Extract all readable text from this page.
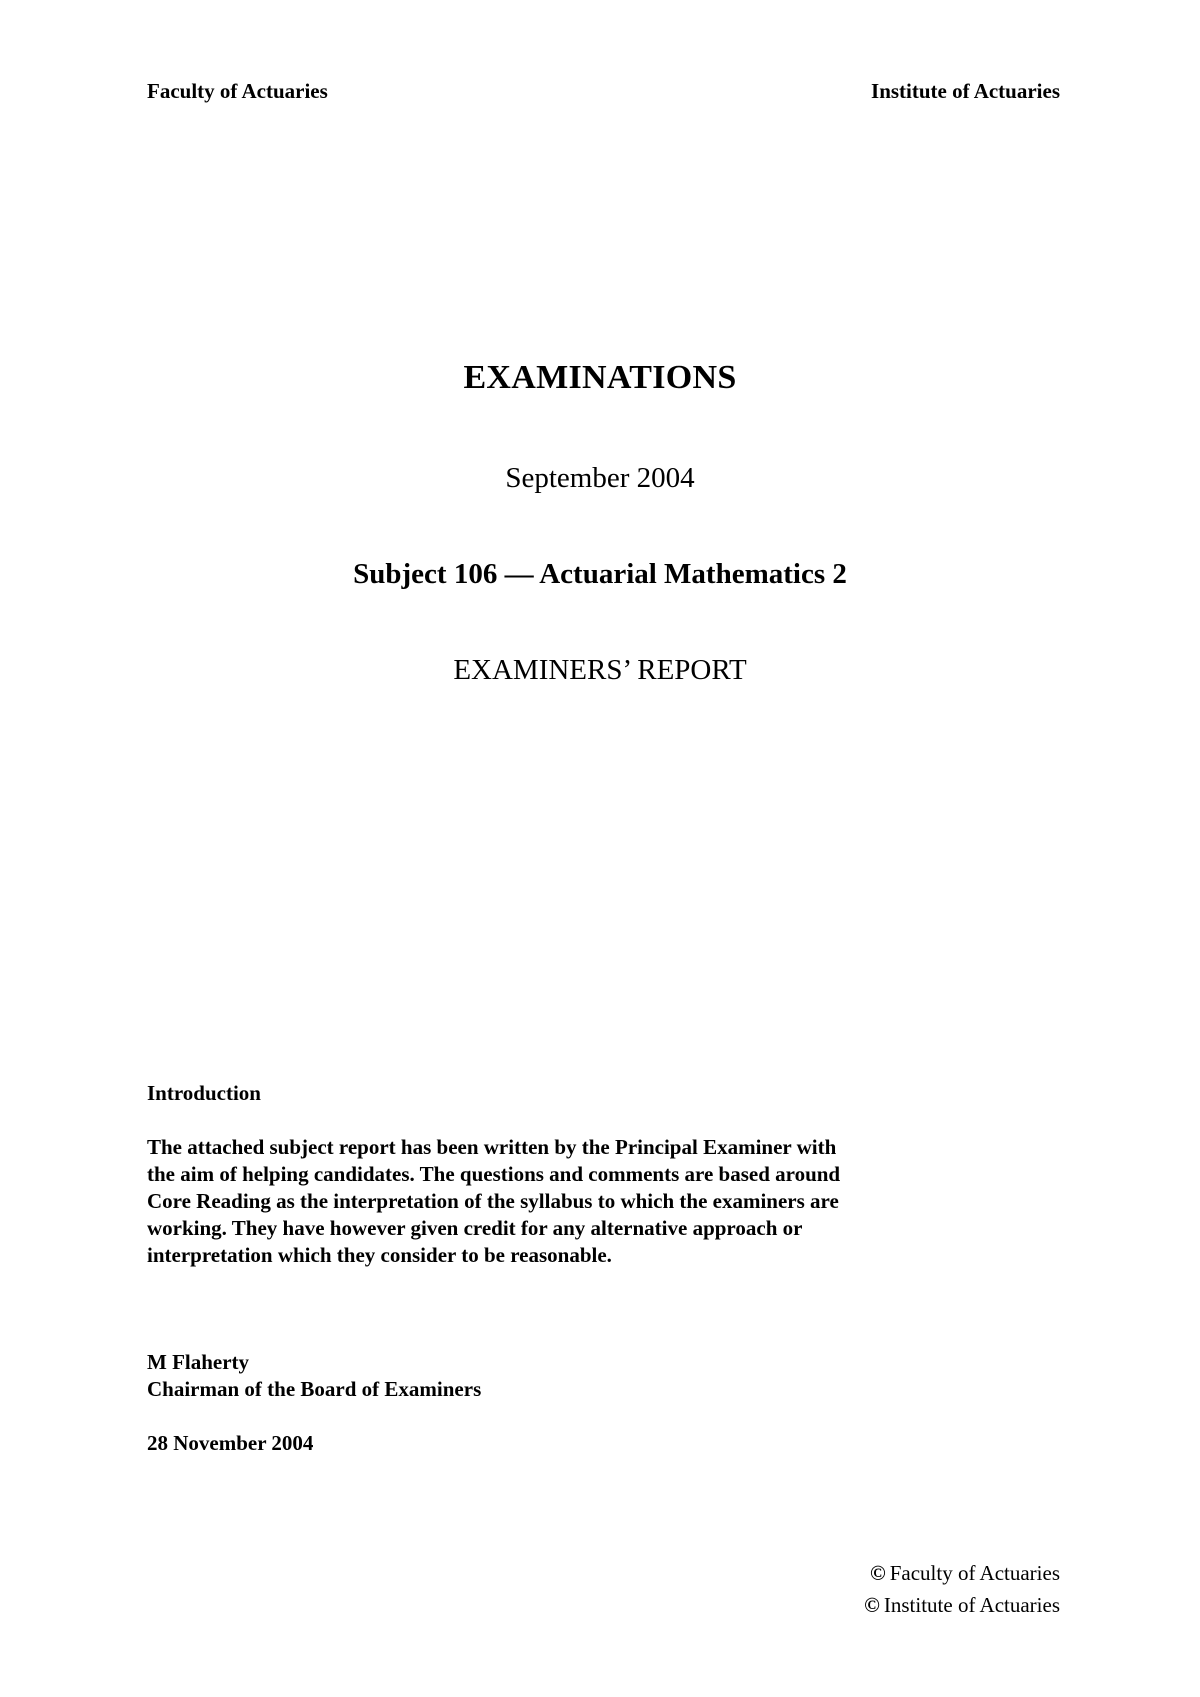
Faculty of Actuaries	Institute of Actuaries
EXAMINATIONS
September 2004
Subject 106 — Actuarial Mathematics 2
EXAMINERS’ REPORT
Introduction
The attached subject report has been written by the Principal Examiner with
the aim of helping candidates. The questions and comments are based around
Core Reading as the interpretation of the syllabus to which the examiners are
working. They have however given credit for any alternative approach or
interpretation which they consider to be reasonable.
M Flaherty
Chairman of the Board of Examiners
28 November 2004
© Faculty of Actuaries
© Institute of Actuaries
